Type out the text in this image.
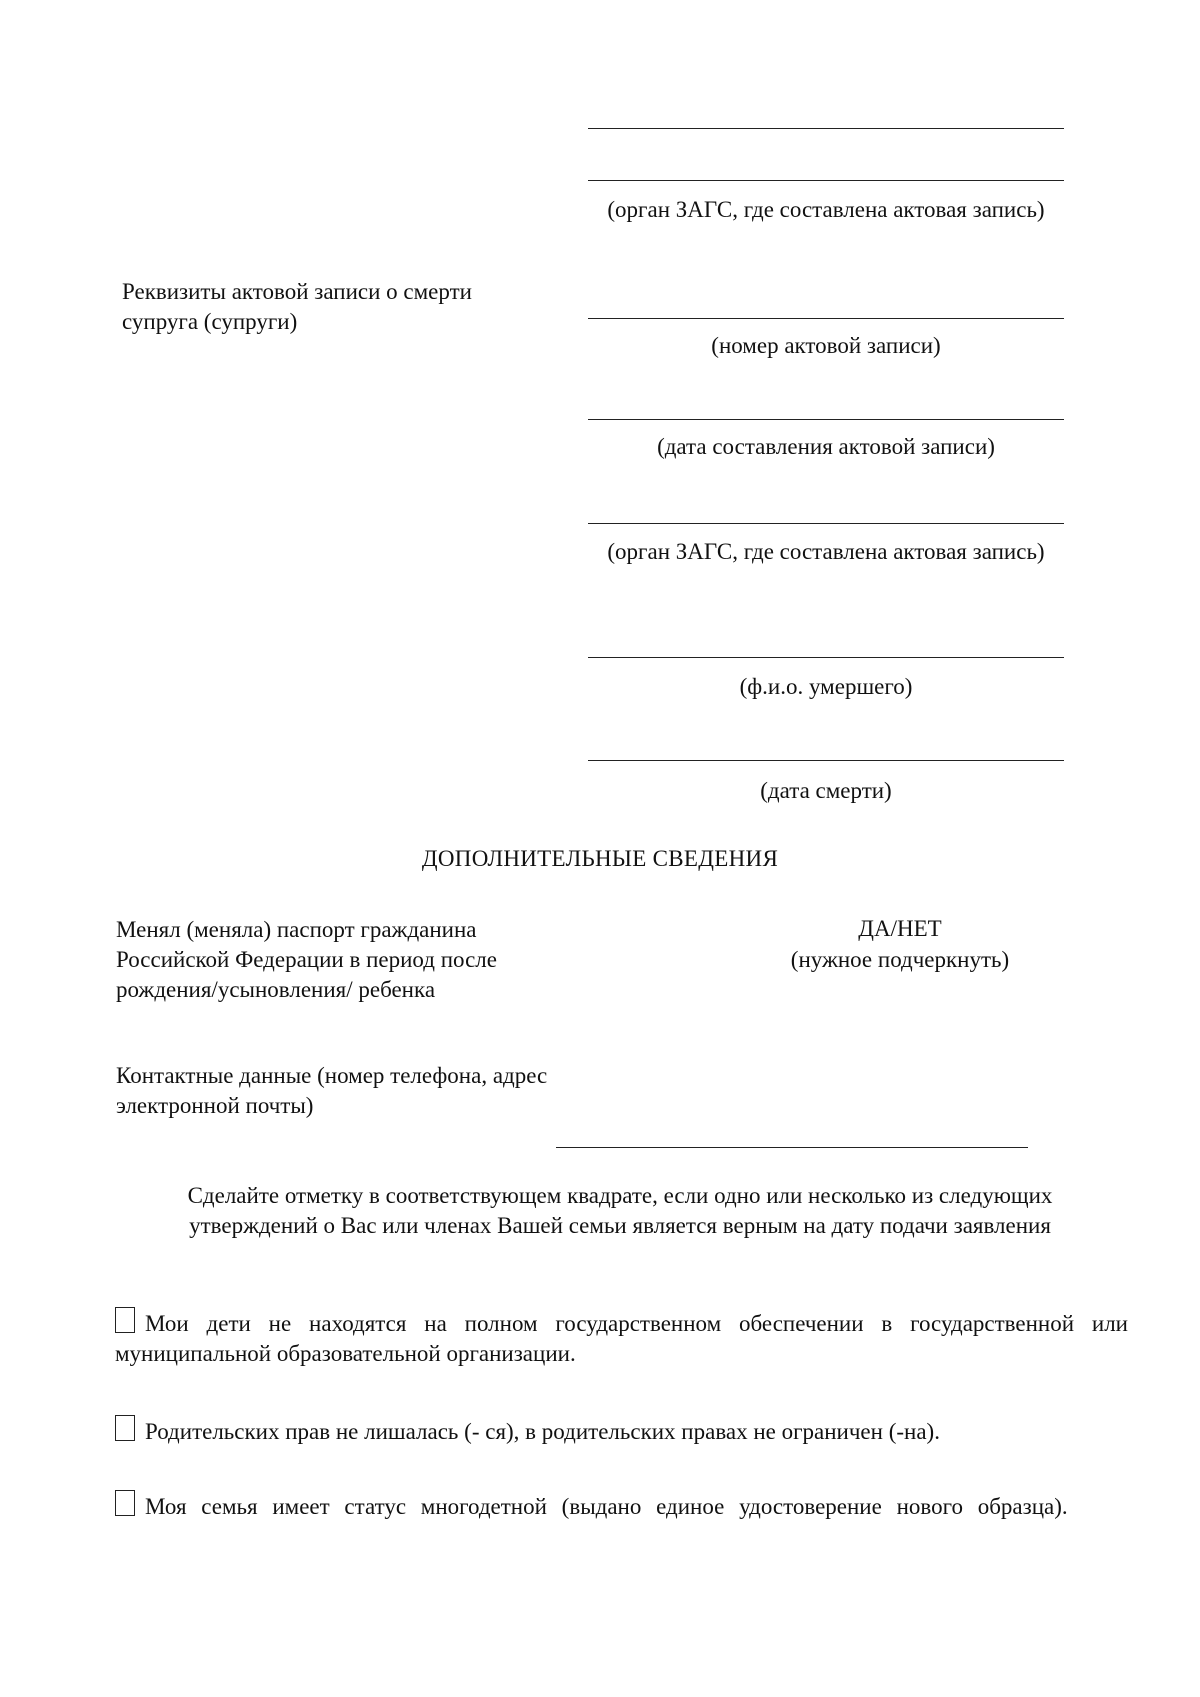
(орган ЗАГС, где составлена актовая запись)
Реквизиты актовой записи о смерти супруга (супруги)
(номер актовой записи)
(дата составления актовой записи)
(орган ЗАГС, где составлена актовая запись)
(ф.и.о. умершего)
(дата смерти)
ДОПОЛНИТЕЛЬНЫЕ СВЕДЕНИЯ
Менял (меняла) паспорт гражданина Российской Федерации в период после рождения/усыновления/ ребенка
ДА/НЕТ
(нужное подчеркнуть)
Контактные данные (номер телефона, адрес электронной почты)
Сделайте отметку в соответствующем квадрате, если одно или несколько из следующих утверждений о Вас или членах Вашей семьи является верным на дату подачи заявления
Мои дети не находятся на полном государственном обеспечении в государственной или муниципальной образовательной организации.
Родительских прав не лишалась (- ся), в родительских правах не ограничен (-на).
Моя семья имеет статус многодетной (выдано единое удостоверение нового образца).
